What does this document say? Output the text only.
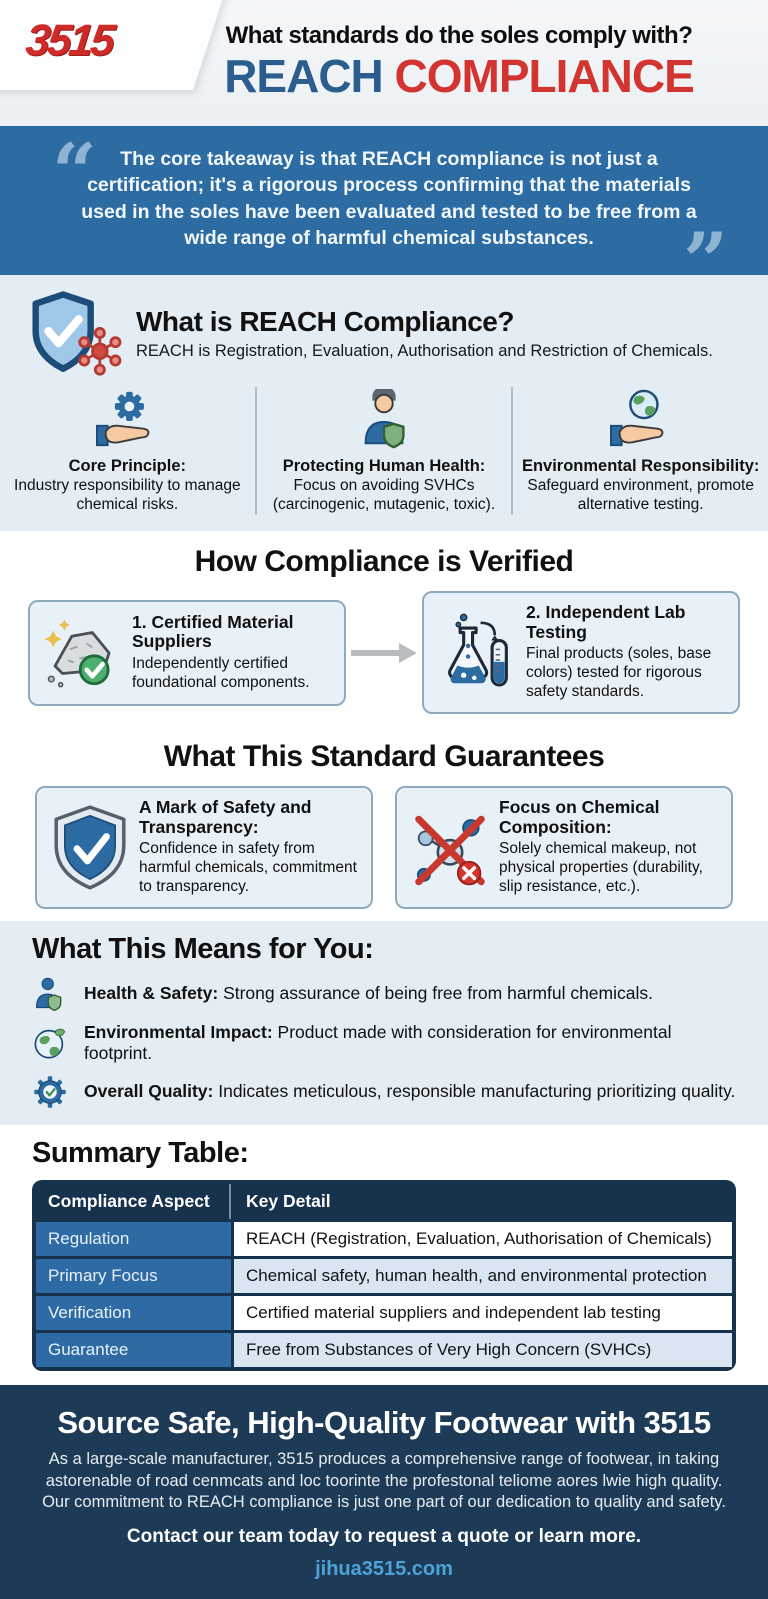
3515	What standards do the soles comply with?
REACH COMPLIANCE
“ The core takeaway is that REACH compliance is not just a certification; it's a rigorous process confirming that the materials used in the soles have been evaluated and tested to be free from a wide range of harmful chemical substances. ”
What is REACH Compliance?
REACH is Registration, Evaluation, Authorisation and Restriction of Chemicals.
Core Principle:
Industry responsibility to manage chemical risks.
Protecting Human Health:
Focus on avoiding SVHCs (carcinogenic, mutagenic, toxic).
Environmental Responsibility:
Safeguard environment, promote alternative testing.
How Compliance is Verified
1. Certified Material Suppliers
Independently certified foundational components.
2. Independent Lab Testing
Final products (soles, base colors) tested for rigorous safety standards.
What This Standard Guarantees
A Mark of Safety and Transparency:
Confidence in safety from harmful chemicals, commitment to transparency.
Focus on Chemical Composition:
Solely chemical makeup, not physical properties (durability, slip resistance, etc.).
What This Means for You:
Health & Safety: Strong assurance of being free from harmful chemicals.
Environmental Impact: Product made with consideration for environmental footprint.
Overall Quality: Indicates meticulous, responsible manufacturing prioritizing quality.
Summary Table:
Compliance Aspect	Key Detail
Regulation	REACH (Registration, Evaluation, Authorisation of Chemicals)
Primary Focus	Chemical safety, human health, and environmental protection
Verification	Certified material suppliers and independent lab testing
Guarantee	Free from Substances of Very High Concern (SVHCs)
Source Safe, High-Quality Footwear with 3515
As a large-scale manufacturer, 3515 produces a comprehensive range of footwear, in taking
astorenable of road cenmcats and loc toorinte the profestonal teliome aores lwie high quality.
Our commitment to REACH compliance is just one part of our dedication to quality and safety.
Contact our team today to request a quote or learn more.
jihua3515.com
